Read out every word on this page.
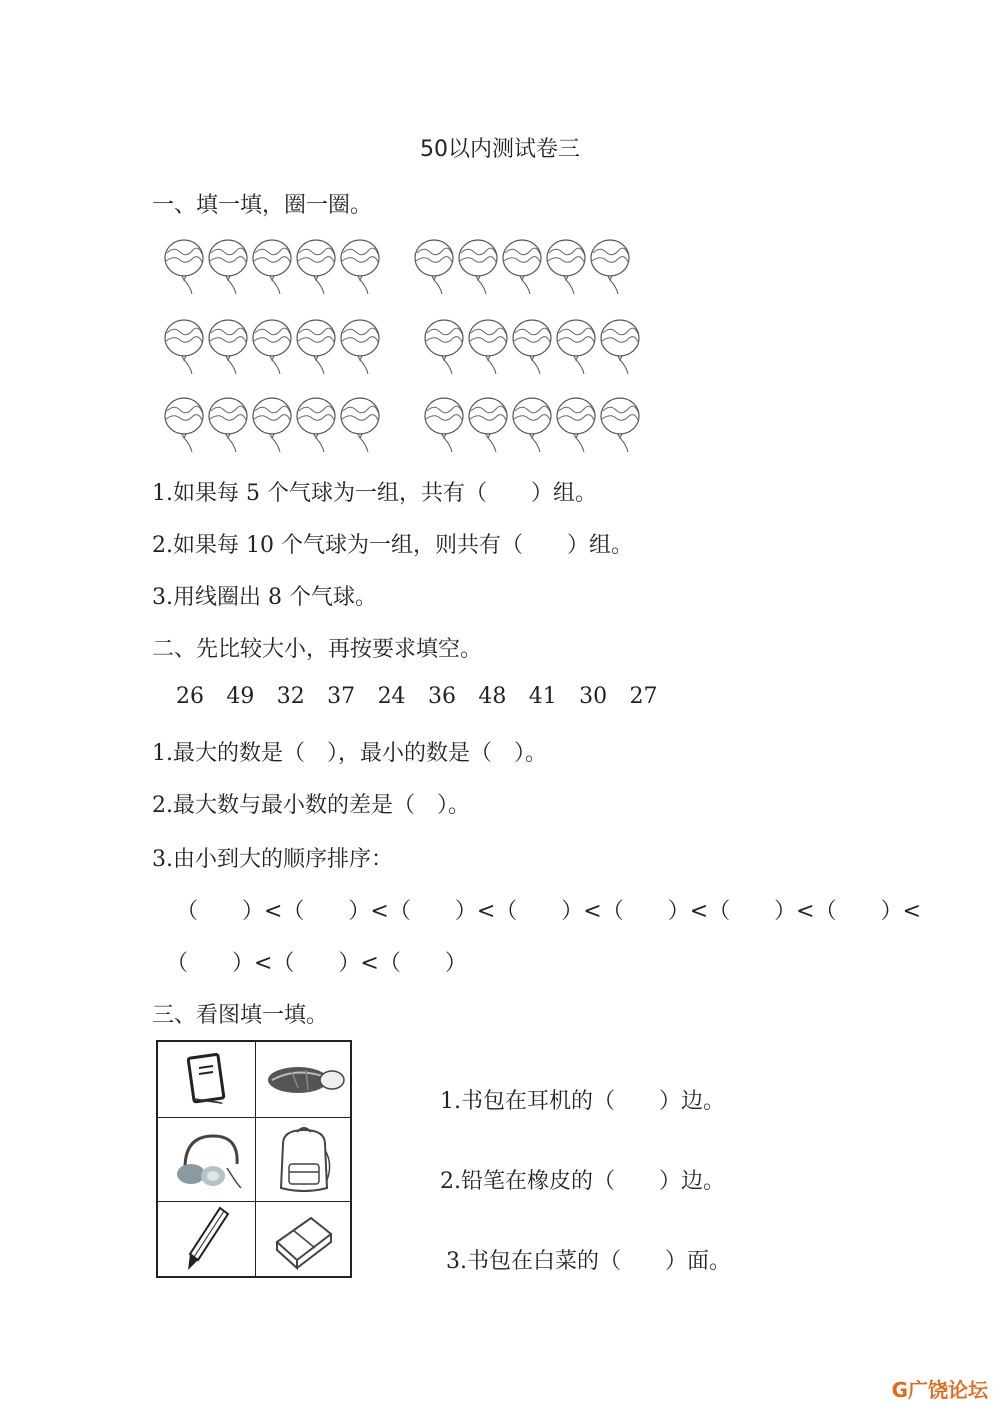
50以内测试卷三
一、填一填，圈一圈。
1.如果每 5 个气球为一组，共有（　　）组。
2.如果每 10 个气球为一组，则共有（　　）组。
3.用线圈出 8 个气球。
二、先比较大小，再按要求填空。
26 49 32 37 24 36 48 41 30 27
1.最大的数是（　），最小的数是（　）。
2.最大数与最小数的差是（　）。
3.由小到大的顺序排序：
（　　）<（　　）<（　　）<（　　）<（　　）<（　　）<（　　）<
（　　）<（　　）<（　　）
三、看图填一填。
1.书包在耳机的（　　）边。
2.铅笔在橡皮的（　　）边。
3.书包在白菜的（　　）面。
G广饶论坛
